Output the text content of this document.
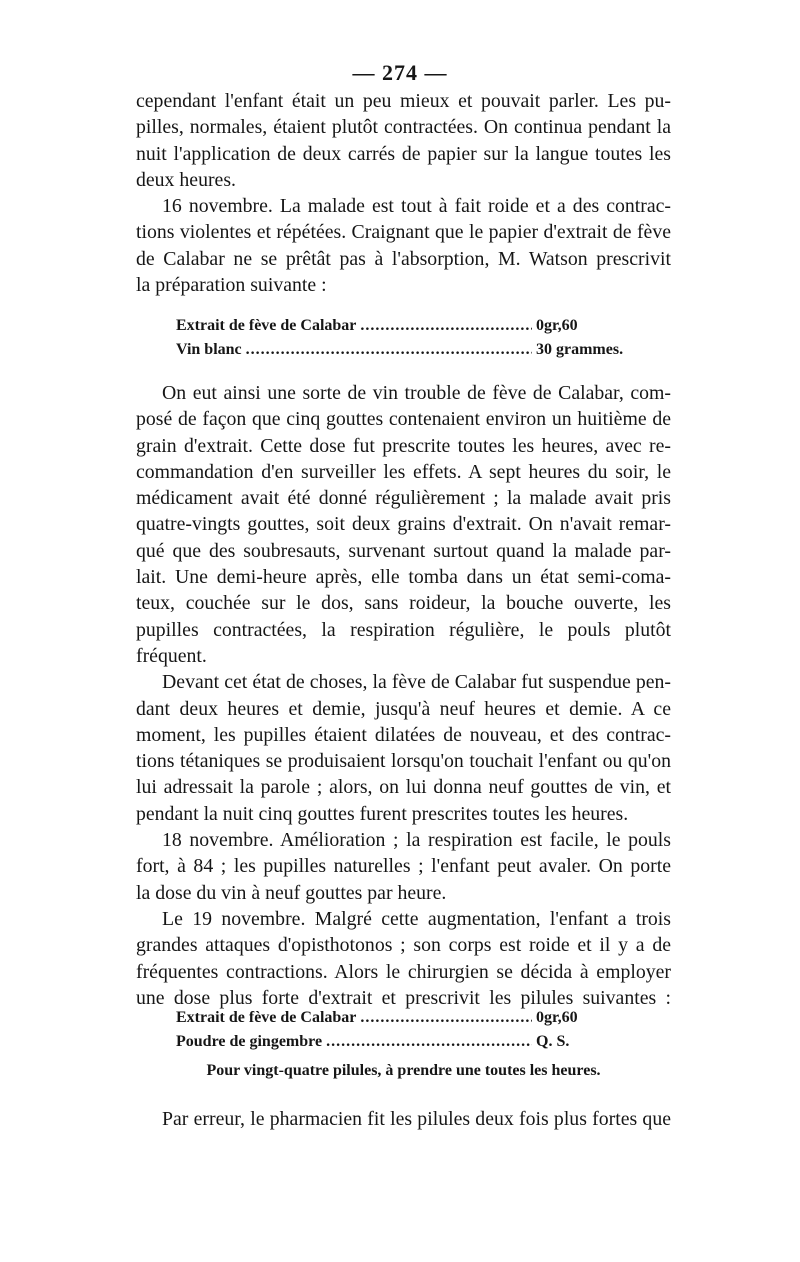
— 274 —
cependant l'enfant était un peu mieux et pouvait parler. Les pu-
pilles, normales, étaient plutôt contractées. On continua pendant la
nuit l'application de deux carrés de papier sur la langue toutes les
deux heures.
16 novembre. La malade est tout à fait roide et a des contrac-
tions violentes et répétées. Craignant que le papier d'extrait de fève
de Calabar ne se prêtât pas à l'absorption, M. Watson prescrivit
la préparation suivante :
Extrait de fève de Calabar .....	0gr,60
Vin blanc .....	30 grammes.
On eut ainsi une sorte de vin trouble de fève de Calabar, com-
posé de façon que cinq gouttes contenaient environ un huitième de
grain d'extrait. Cette dose fut prescrite toutes les heures, avec re-
commandation d'en surveiller les effets. A sept heures du soir, le
médicament avait été donné régulièrement ; la malade avait pris
quatre-vingts gouttes, soit deux grains d'extrait. On n'avait remar-
qué que des soubresauts, survenant surtout quand la malade par-
lait. Une demi-heure après, elle tomba dans un état semi-coma-
teux, couchée sur le dos, sans roideur, la bouche ouverte, les
pupilles contractées, la respiration régulière, le pouls plutôt
fréquent.
Devant cet état de choses, la fève de Calabar fut suspendue pen-
dant deux heures et demie, jusqu'à neuf heures et demie. A ce
moment, les pupilles étaient dilatées de nouveau, et des contrac-
tions tétaniques se produisaient lorsqu'on touchait l'enfant ou qu'on
lui adressait la parole ; alors, on lui donna neuf gouttes de vin, et
pendant la nuit cinq gouttes furent prescrites toutes les heures.
18 novembre. Amélioration ; la respiration est facile, le pouls
fort, à 84 ; les pupilles naturelles ; l'enfant peut avaler. On porte
la dose du vin à neuf gouttes par heure.
Le 19 novembre. Malgré cette augmentation, l'enfant a trois
grandes attaques d'opisthotonos ; son corps est roide et il y a de
fréquentes contractions. Alors le chirurgien se décida à employer
une dose plus forte d'extrait et prescrivit les pilules suivantes :
Extrait de fève de Calabar .....	0gr,60
Poudre de gingembre .....	Q. S.
Pour vingt-quatre pilules, à prendre une toutes les heures.
Par erreur, le pharmacien fit les pilules deux fois plus fortes que
